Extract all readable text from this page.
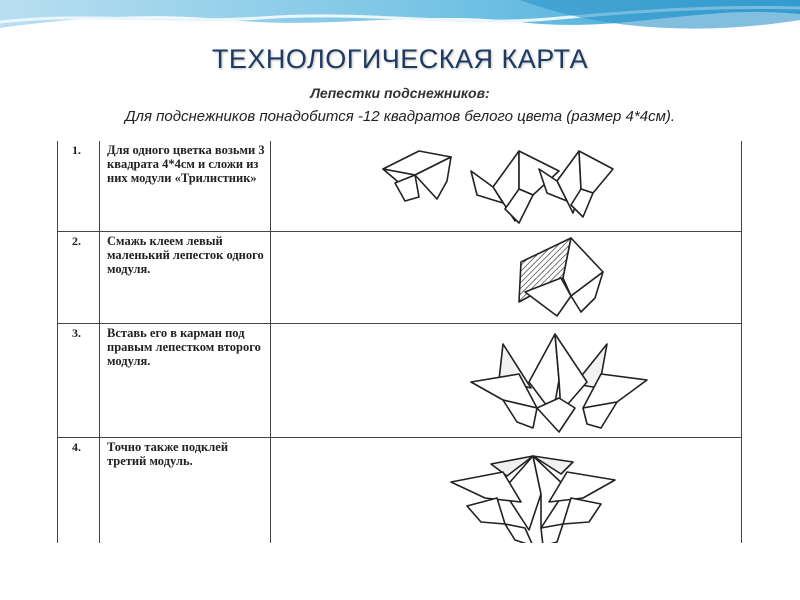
ТЕХНОЛОГИЧЕСКАЯ КАРТА
Лепестки подснежников:
Для подснежников понадобится -12 квадратов белого цвета (размер 4*4см).
1. Для одного цветка возьми 3 квадрата 4*4см и сложи из них модули «Трилистник»
2. Смажь клеем левый маленький лепесток одного модуля.
3. Вставь его в карман под правым лепестком второго модуля.
4. Точно также подклей третий модуль.
